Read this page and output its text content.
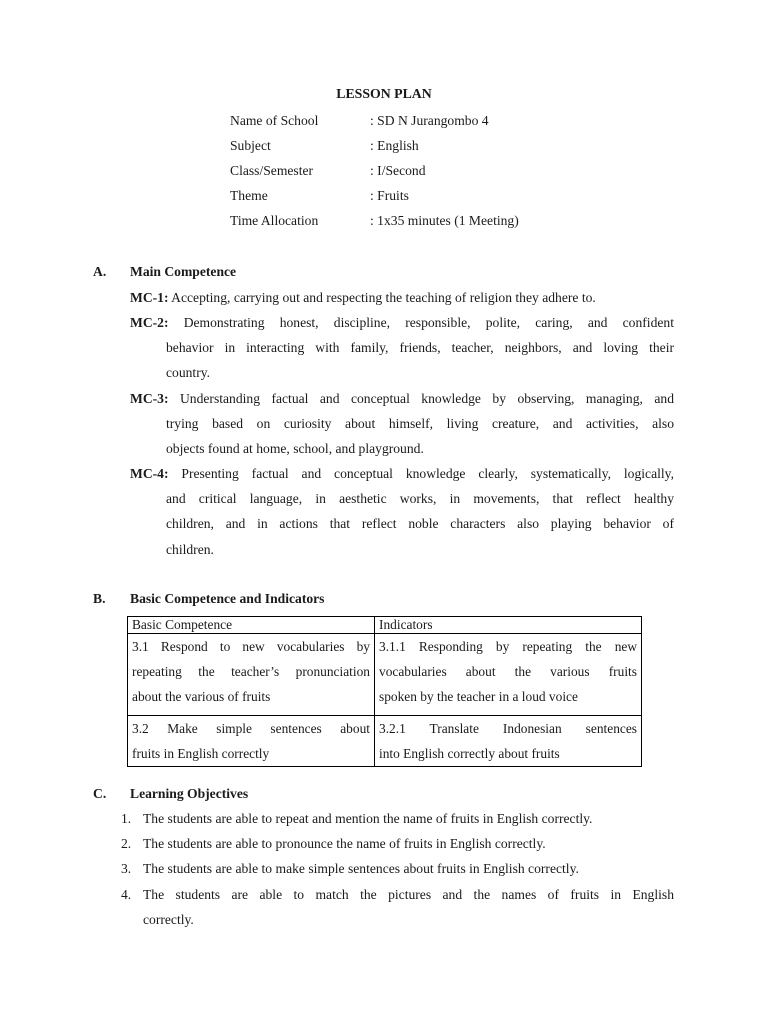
LESSON PLAN
Name of School	: SD N Jurangombo 4
Subject	: English
Class/Semester	: I/Second
Theme	: Fruits
Time Allocation	: 1x35 minutes (1 Meeting)
A. Main Competence
MC-1: Accepting, carrying out and respecting the teaching of religion they adhere to.
MC-2: Demonstrating honest, discipline, responsible, polite, caring, and confident
behavior in interacting with family, friends, teacher, neighbors, and loving their
country.
MC-3: Understanding factual and conceptual knowledge by observing, managing, and
trying based on curiosity about himself, living creature, and activities, also
objects found at home, school, and playground.
MC-4: Presenting factual and conceptual knowledge clearly, systematically, logically,
and critical language, in aesthetic works, in movements, that reflect healthy
children, and in actions that reflect noble characters also playing behavior of
children.
B. Basic Competence and Indicators
Basic Competence	Indicators

3.1 Respond to new vocabularies by
repeating the teacher’s pronunciation
about the various of fruits	3.1.1 Responding by repeating the new
vocabularies about the various fruits
spoken by the teacher in a loud voice

3.2 Make simple sentences about
fruits in English correctly	3.2.1 Translate Indonesian sentences
into English correctly about fruits
C. Learning Objectives
1. The students are able to repeat and mention the name of fruits in English correctly.
2. The students are able to pronounce the name of fruits in English correctly.
3. The students are able to make simple sentences about fruits in English correctly.
4. The students are able to match the pictures and the names of fruits in English
correctly.
